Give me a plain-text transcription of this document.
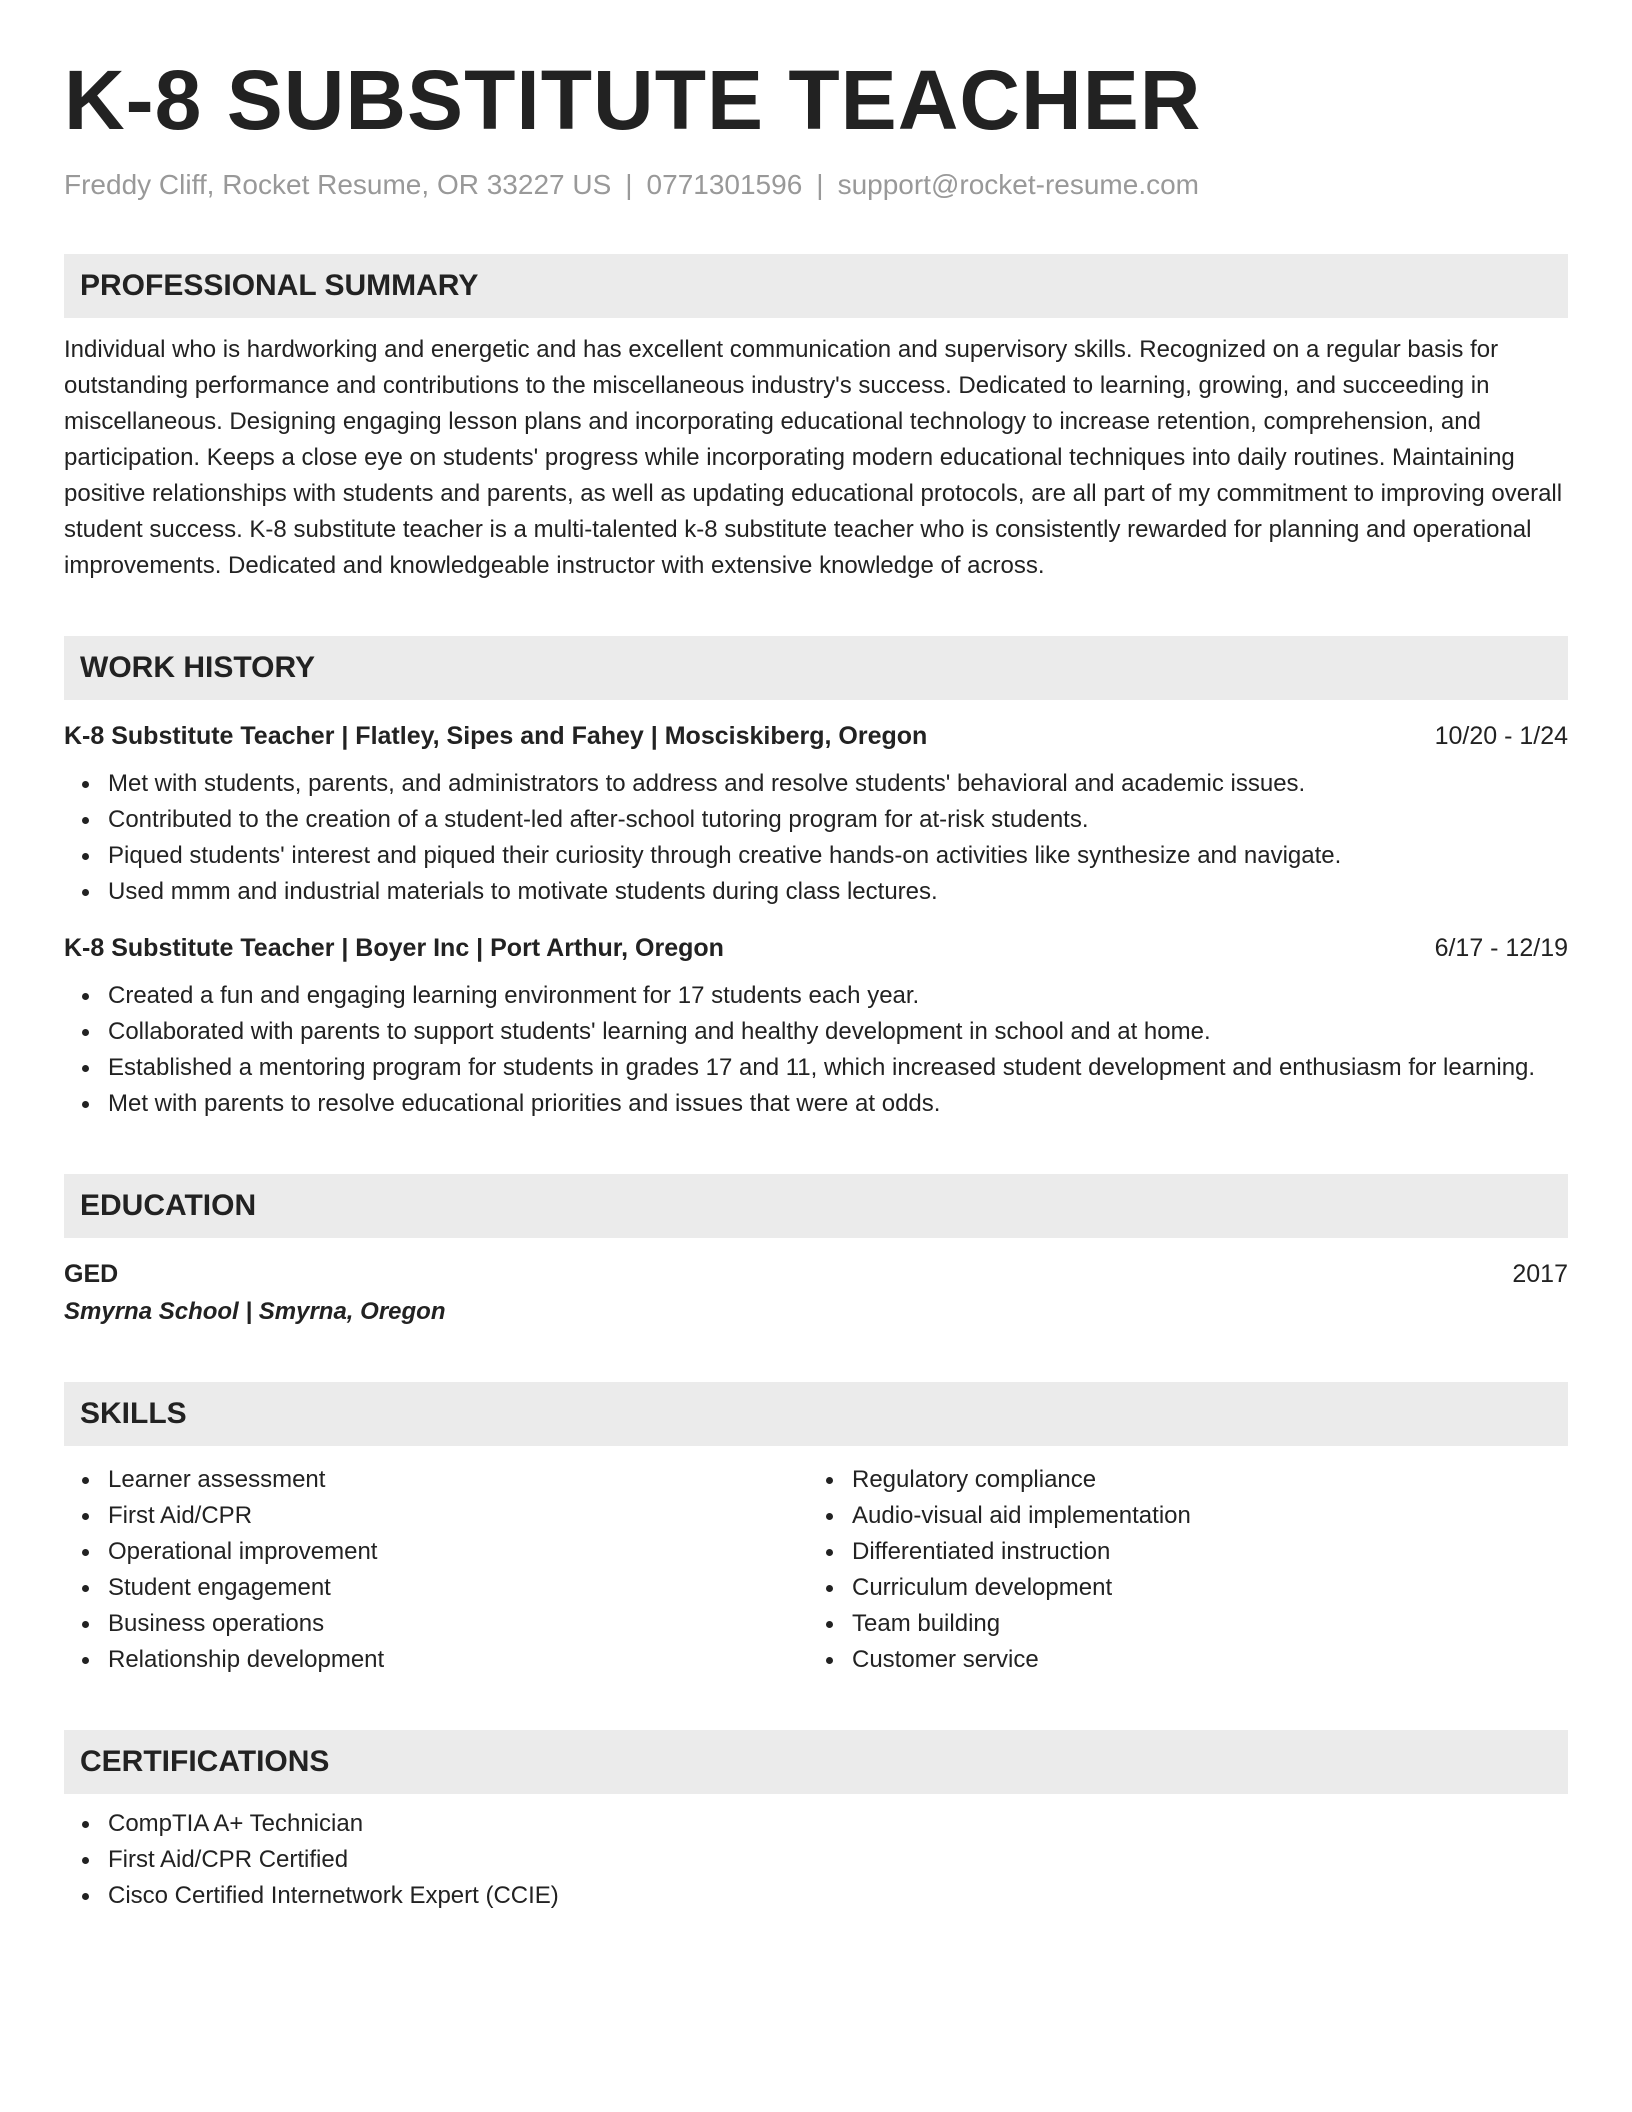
K-8 SUBSTITUTE TEACHER
Freddy Cliff, Rocket Resume, OR 33227 US | 0771301596 | support@rocket-resume.com
PROFESSIONAL SUMMARY
Individual who is hardworking and energetic and has excellent communication and supervisory skills. Recognized on a regular basis for outstanding performance and contributions to the miscellaneous industry's success. Dedicated to learning, growing, and succeeding in miscellaneous. Designing engaging lesson plans and incorporating educational technology to increase retention, comprehension, and participation. Keeps a close eye on students' progress while incorporating modern educational techniques into daily routines. Maintaining positive relationships with students and parents, as well as updating educational protocols, are all part of my commitment to improving overall student success. K-8 substitute teacher is a multi-talented k-8 substitute teacher who is consistently rewarded for planning and operational improvements. Dedicated and knowledgeable instructor with extensive knowledge of across.
WORK HISTORY
K-8 Substitute Teacher | Flatley, Sipes and Fahey | Mosciskiberg, Oregon	10/20 - 1/24
Met with students, parents, and administrators to address and resolve students' behavioral and academic issues.
Contributed to the creation of a student-led after-school tutoring program for at-risk students.
Piqued students' interest and piqued their curiosity through creative hands-on activities like synthesize and navigate.
Used mmm and industrial materials to motivate students during class lectures.
K-8 Substitute Teacher | Boyer Inc | Port Arthur, Oregon	6/17 - 12/19
Created a fun and engaging learning environment for 17 students each year.
Collaborated with parents to support students' learning and healthy development in school and at home.
Established a mentoring program for students in grades 17 and 11, which increased student development and enthusiasm for learning.
Met with parents to resolve educational priorities and issues that were at odds.
EDUCATION
GED	2017
Smyrna School | Smyrna, Oregon
SKILLS
Learner assessment
First Aid/CPR
Operational improvement
Student engagement
Business operations
Relationship development
Regulatory compliance
Audio-visual aid implementation
Differentiated instruction
Curriculum development
Team building
Customer service
CERTIFICATIONS
CompTIA A+ Technician
First Aid/CPR Certified
Cisco Certified Internetwork Expert (CCIE)
